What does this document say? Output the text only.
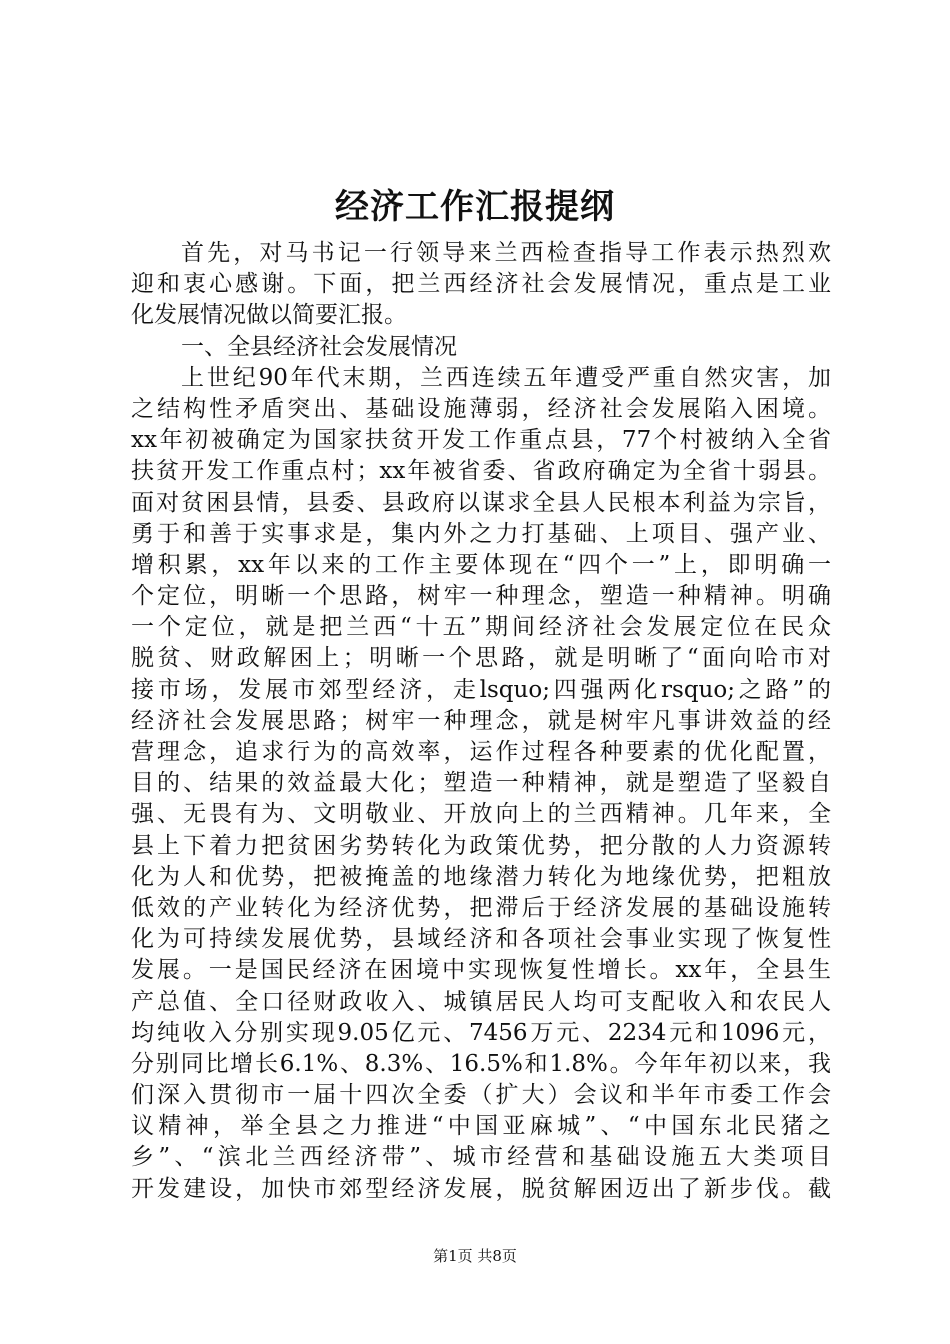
经济工作汇报提纲
首先，对马书记一行领导来兰西检查指导工作表示热烈欢
迎和衷心感谢。下面，把兰西经济社会发展情况，重点是工业
化发展情况做以简要汇报。
一、全县经济社会发展情况
上世纪90年代末期，兰西连续五年遭受严重自然灾害，加
之结构性矛盾突出、基础设施薄弱，经济社会发展陷入困境。
xx年初被确定为国家扶贫开发工作重点县，77个村被纳入全省
扶贫开发工作重点村；xx年被省委、省政府确定为全省十弱县。
面对贫困县情，县委、县政府以谋求全县人民根本利益为宗旨，
勇于和善于实事求是，集内外之力打基础、上项目、强产业、
增积累，xx年以来的工作主要体现在“四个一”上，即明确一
个定位，明晰一个思路，树牢一种理念，塑造一种精神。明确
一个定位，就是把兰西“十五”期间经济社会发展定位在民众
脱贫、财政解困上；明晰一个思路，就是明晰了“面向哈市对
接市场，发展市郊型经济，走lsquo;四强两化rsquo;之路”的
经济社会发展思路；树牢一种理念，就是树牢凡事讲效益的经
营理念，追求行为的高效率，运作过程各种要素的优化配置，
目的、结果的效益最大化；塑造一种精神，就是塑造了坚毅自
强、无畏有为、文明敬业、开放向上的兰西精神。几年来，全
县上下着力把贫困劣势转化为政策优势，把分散的人力资源转
化为人和优势，把被掩盖的地缘潜力转化为地缘优势，把粗放
低效的产业转化为经济优势，把滞后于经济发展的基础设施转
化为可持续发展优势，县域经济和各项社会事业实现了恢复性
发展。一是国民经济在困境中实现恢复性增长。xx年，全县生
产总值、全口径财政收入、城镇居民人均可支配收入和农民人
均纯收入分别实现9.05亿元、7456万元、2234元和1096元，
分别同比增长6.1%、8.3%、16.5%和1.8%。今年年初以来，我
们深入贯彻市一届十四次全委（扩大）会议和半年市委工作会
议精神，举全县之力推进“中国亚麻城”、“中国东北民猪之
乡”、“滨北兰西经济带”、城市经营和基础设施五大类项目
开发建设，加快市郊型经济发展，脱贫解困迈出了新步伐。截
第1页 共8页
